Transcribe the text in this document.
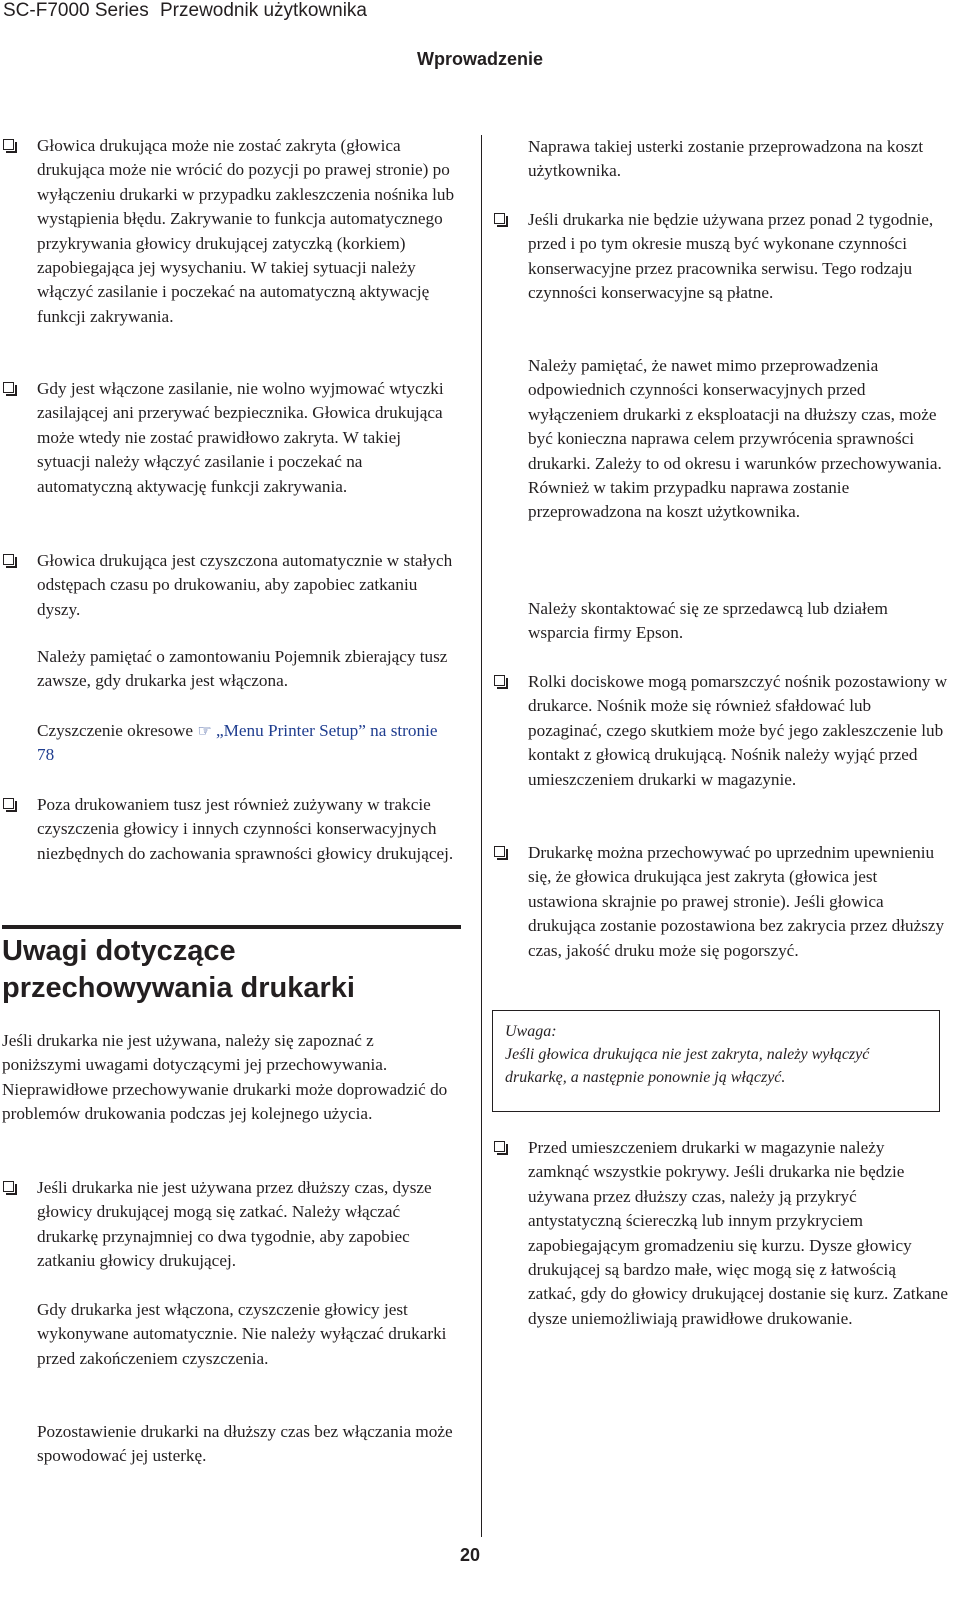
SC-F7000 Series Przewodnik użytkownika
Wprowadzenie
Głowica drukująca może nie zostać zakryta (głowica drukująca może nie wrócić do pozycji po prawej stronie) po wyłączeniu drukarki w przypadku zakleszczenia nośnika lub wystąpienia błędu. Zakrywanie to funkcja automatycznego przykrywania głowicy drukującej zatyczką (korkiem) zapobiegająca jej wysychaniu. W takiej sytuacji należy włączyć zasilanie i poczekać na automatyczną aktywację funkcji zakrywania.
Gdy jest włączone zasilanie, nie wolno wyjmować wtyczki zasilającej ani przerywać bezpiecznika. Głowica drukująca może wtedy nie zostać prawidłowo zakryta. W takiej sytuacji należy włączyć zasilanie i poczekać na automatyczną aktywację funkcji zakrywania.
Głowica drukująca jest czyszczona automatycznie w stałych odstępach czasu po drukowaniu, aby zapobiec zatkaniu dyszy.
Należy pamiętać o zamontowaniu Pojemnik zbierający tusz zawsze, gdy drukarka jest włączona.
Czyszczenie okresowe ☞ „Menu Printer Setup” na stronie 78
Poza drukowaniem tusz jest również zużywany w trakcie czyszczenia głowicy i innych czynności konserwacyjnych niezbędnych do zachowania sprawności głowicy drukującej.
Uwagi dotyczące przechowywania drukarki
Jeśli drukarka nie jest używana, należy się zapoznać z poniższymi uwagami dotyczącymi jej przechowywania. Nieprawidłowe przechowywanie drukarki może doprowadzić do problemów drukowania podczas jej kolejnego użycia.
Jeśli drukarka nie jest używana przez dłuższy czas, dysze głowicy drukującej mogą się zatkać. Należy włączać drukarkę przynajmniej co dwa tygodnie, aby zapobiec zatkaniu głowicy drukującej.
Gdy drukarka jest włączona, czyszczenie głowicy jest wykonywane automatycznie. Nie należy wyłączać drukarki przed zakończeniem czyszczenia.
Pozostawienie drukarki na dłuższy czas bez włączania może spowodować jej usterkę.
Naprawa takiej usterki zostanie przeprowadzona na koszt użytkownika.
Jeśli drukarka nie będzie używana przez ponad 2 tygodnie, przed i po tym okresie muszą być wykonane czynności konserwacyjne przez pracownika serwisu. Tego rodzaju czynności konserwacyjne są płatne.
Należy pamiętać, że nawet mimo przeprowadzenia odpowiednich czynności konserwacyjnych przed wyłączeniem drukarki z eksploatacji na dłuższy czas, może być konieczna naprawa celem przywrócenia sprawności drukarki. Zależy to od okresu i warunków przechowywania. Również w takim przypadku naprawa zostanie przeprowadzona na koszt użytkownika.
Należy skontaktować się ze sprzedawcą lub działem wsparcia firmy Epson.
Rolki dociskowe mogą pomarszczyć nośnik pozostawiony w drukarce. Nośnik może się również sfałdować lub pozaginać, czego skutkiem może być jego zakleszczenie lub kontakt z głowicą drukującą. Nośnik należy wyjąć przed umieszczeniem drukarki w magazynie.
Drukarkę można przechowywać po uprzednim upewnieniu się, że głowica drukująca jest zakryta (głowica jest ustawiona skrajnie po prawej stronie). Jeśli głowica drukująca zostanie pozostawiona bez zakrycia przez dłuższy czas, jakość druku może się pogorszyć.
Przed umieszczeniem drukarki w magazynie należy zamknąć wszystkie pokrywy. Jeśli drukarka nie będzie używana przez dłuższy czas, należy ją przykryć antystatyczną ściereczką lub innym przykryciem zapobiegającym gromadzeniu się kurzu. Dysze głowicy drukującej są bardzo małe, więc mogą się z łatwością zatkać, gdy do głowicy drukującej dostanie się kurz. Zatkane dysze uniemożliwiają prawidłowe drukowanie.
Uwaga:
Jeśli głowica drukująca nie jest zakryta, należy wyłączyć drukarkę, a następnie ponownie ją włączyć.
20
